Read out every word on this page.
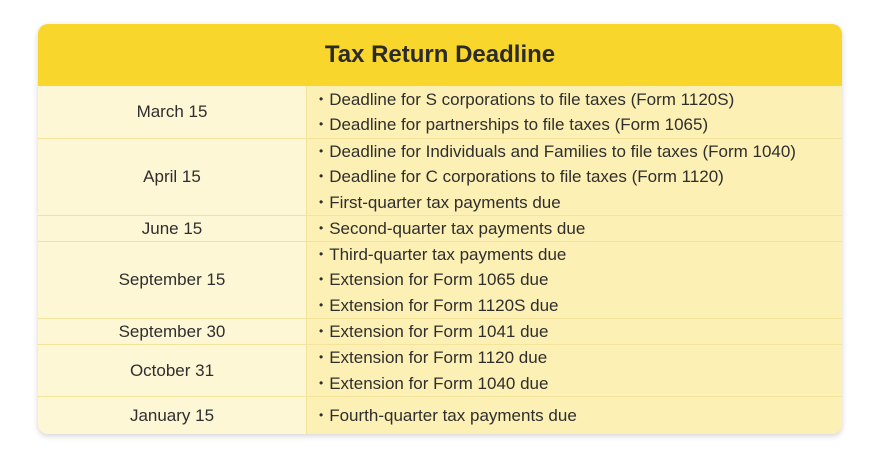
Tax Return Deadline
March 15
• Deadline for S corporations to file taxes (Form 1120S)
• Deadline for partnerships to file taxes (Form 1065)
April 15
• Deadline for Individuals and Families to file taxes (Form 1040)
• Deadline for C corporations to file taxes (Form 1120)
• First-quarter tax payments due
June 15	• Second-quarter tax payments due
September 15
• Third-quarter tax payments due
• Extension for Form 1065 due
• Extension for Form 1120S due
September 30	• Extension for Form 1041 due
October 31
• Extension for Form 1120 due
• Extension for Form 1040 due
January 15	• Fourth-quarter tax payments due
